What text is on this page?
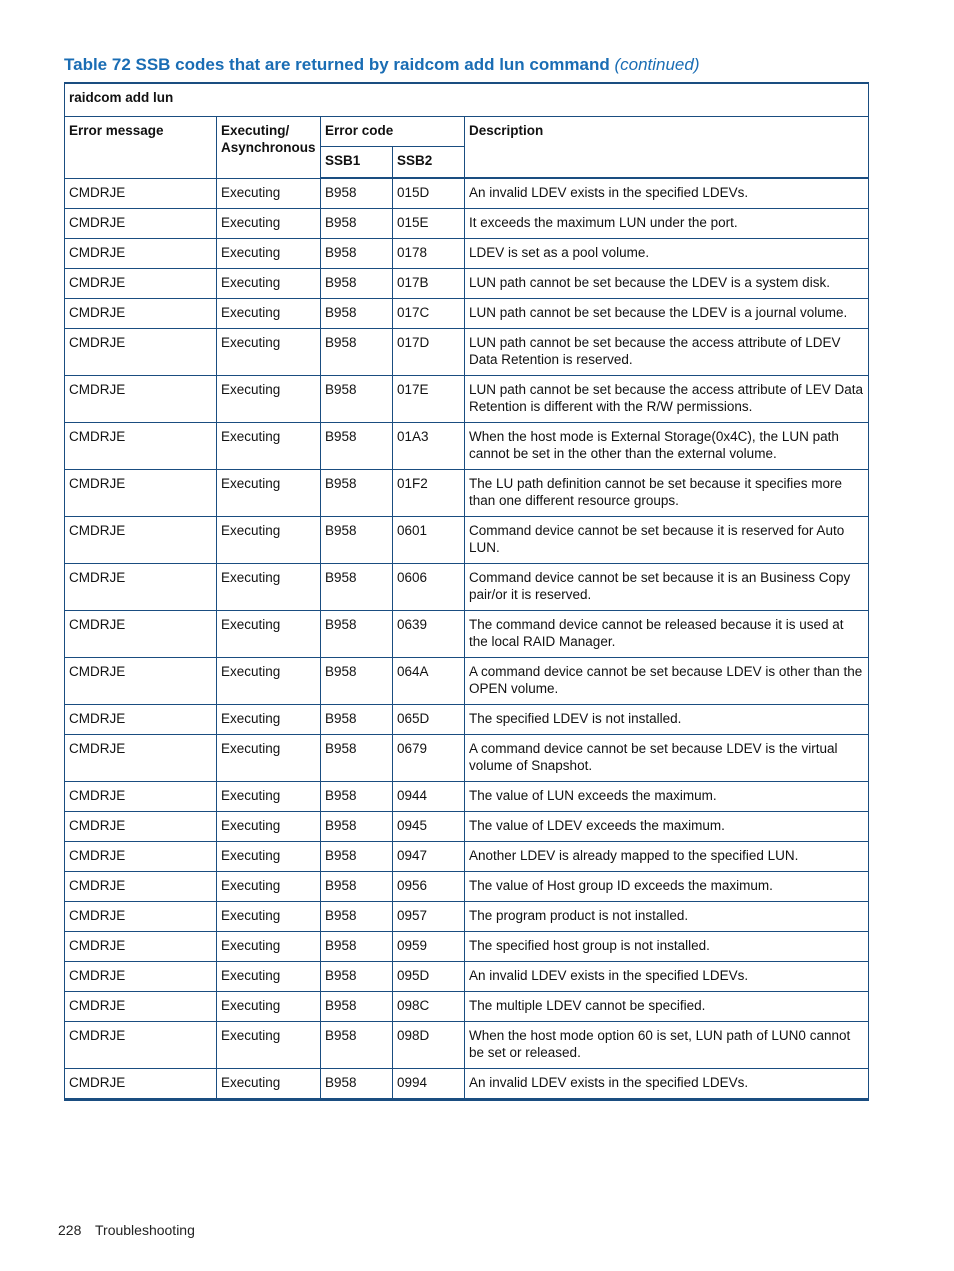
Table 72 SSB codes that are returned by raidcom add lun command (continued)
raidcom add lun				
Error message	Executing/ Asynchronous	Error code		Description
		SSB1	SSB2	
CMDRJE	Executing	B958	015D	An invalid LDEV exists in the specified LDEVs.
CMDRJE	Executing	B958	015E	It exceeds the maximum LUN under the port.
CMDRJE	Executing	B958	0178	LDEV is set as a pool volume.
CMDRJE	Executing	B958	017B	LUN path cannot be set because the LDEV is a system disk.
CMDRJE	Executing	B958	017C	LUN path cannot be set because the LDEV is a journal volume.
CMDRJE	Executing	B958	017D	LUN path cannot be set because the access attribute of LDEV Data Retention is reserved.
CMDRJE	Executing	B958	017E	LUN path cannot be set because the access attribute of LEV Data Retention is different with the R/W permissions.
CMDRJE	Executing	B958	01A3	When the host mode is External Storage(0x4C), the LUN path cannot be set in the other than the external volume.
CMDRJE	Executing	B958	01F2	The LU path definition cannot be set because it specifies more than one different resource groups.
CMDRJE	Executing	B958	0601	Command device cannot be set because it is reserved for Auto LUN.
CMDRJE	Executing	B958	0606	Command device cannot be set because it is an Business Copy pair/or it is reserved.
CMDRJE	Executing	B958	0639	The command device cannot be released because it is used at the local RAID Manager.
CMDRJE	Executing	B958	064A	A command device cannot be set because LDEV is other than the OPEN volume.
CMDRJE	Executing	B958	065D	The specified LDEV is not installed.
CMDRJE	Executing	B958	0679	A command device cannot be set because LDEV is the virtual volume of Snapshot.
CMDRJE	Executing	B958	0944	The value of LUN exceeds the maximum.
CMDRJE	Executing	B958	0945	The value of LDEV exceeds the maximum.
CMDRJE	Executing	B958	0947	Another LDEV is already mapped to the specified LUN.
CMDRJE	Executing	B958	0956	The value of Host group ID exceeds the maximum.
CMDRJE	Executing	B958	0957	The program product is not installed.
CMDRJE	Executing	B958	0959	The specified host group is not installed.
CMDRJE	Executing	B958	095D	An invalid LDEV exists in the specified LDEVs.
CMDRJE	Executing	B958	098C	The multiple LDEV cannot be specified.
CMDRJE	Executing	B958	098D	When the host mode option 60 is set, LUN path of LUN0 cannot be set or released.
CMDRJE	Executing	B958	0994	An invalid LDEV exists in the specified LDEVs.
228 Troubleshooting
